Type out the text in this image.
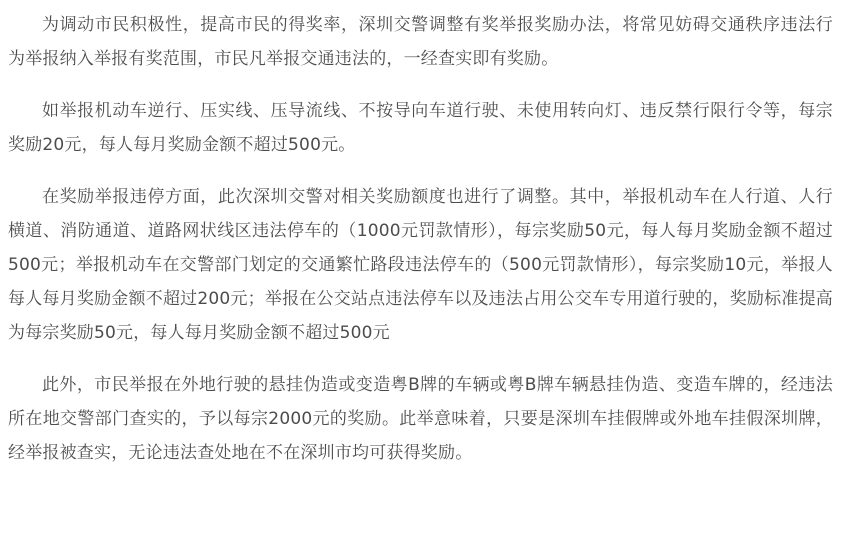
为调动市民积极性，提高市民的得奖率，深圳交警调整有奖举报奖励办法，将常见妨碍交通秩序违法行为举报纳入举报有奖范围，市民凡举报交通违法的，一经查实即有奖励。

如举报机动车逆行、压实线、压导流线、不按导向车道行驶、未使用转向灯、违反禁行限行令等，每宗奖励20元，每人每月奖励金额不超过500元。

在奖励举报违停方面，此次深圳交警对相关奖励额度也进行了调整。其中，举报机动车在人行道、人行横道、消防通道、道路网状线区违法停车的（1000元罚款情形），每宗奖励50元，每人每月奖励金额不超过500元；举报机动车在交警部门划定的交通繁忙路段违法停车的（500元罚款情形），每宗奖励10元，举报人每人每月奖励金额不超过200元；举报在公交站点违法停车以及违法占用公交车专用道行驶的，奖励标准提高为每宗奖励50元，每人每月奖励金额不超过500元

此外，市民举报在外地行驶的悬挂伪造或变造粤B牌的车辆或粤B牌车辆悬挂伪造、变造车牌的，经违法所在地交警部门查实的，予以每宗2000元的奖励。此举意味着，只要是深圳车挂假牌或外地车挂假深圳牌，经举报被查实，无论违法查处地在不在深圳市均可获得奖励。
